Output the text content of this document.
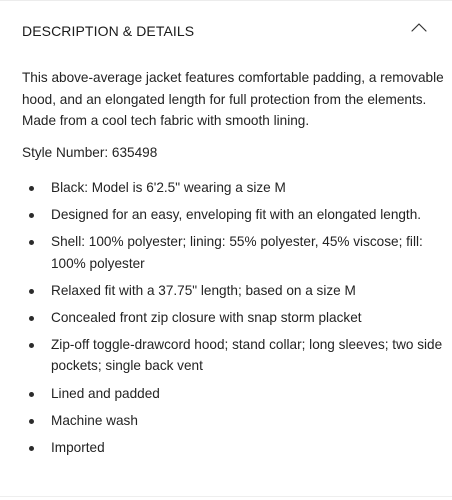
DESCRIPTION & DETAILS

This above-average jacket features comfortable padding, a removable hood, and an elongated length for full protection from the elements. Made from a cool tech fabric with smooth lining.

Style Number: 635498

Black: Model is 6'2.5" wearing a size M
Designed for an easy, enveloping fit with an elongated length.
Shell: 100% polyester; lining: 55% polyester, 45% viscose; fill: 100% polyester
Relaxed fit with a 37.75" length; based on a size M
Concealed front zip closure with snap storm placket
Zip-off toggle-drawcord hood; stand collar; long sleeves; two side pockets; single back vent
Lined and padded
Machine wash
Imported
